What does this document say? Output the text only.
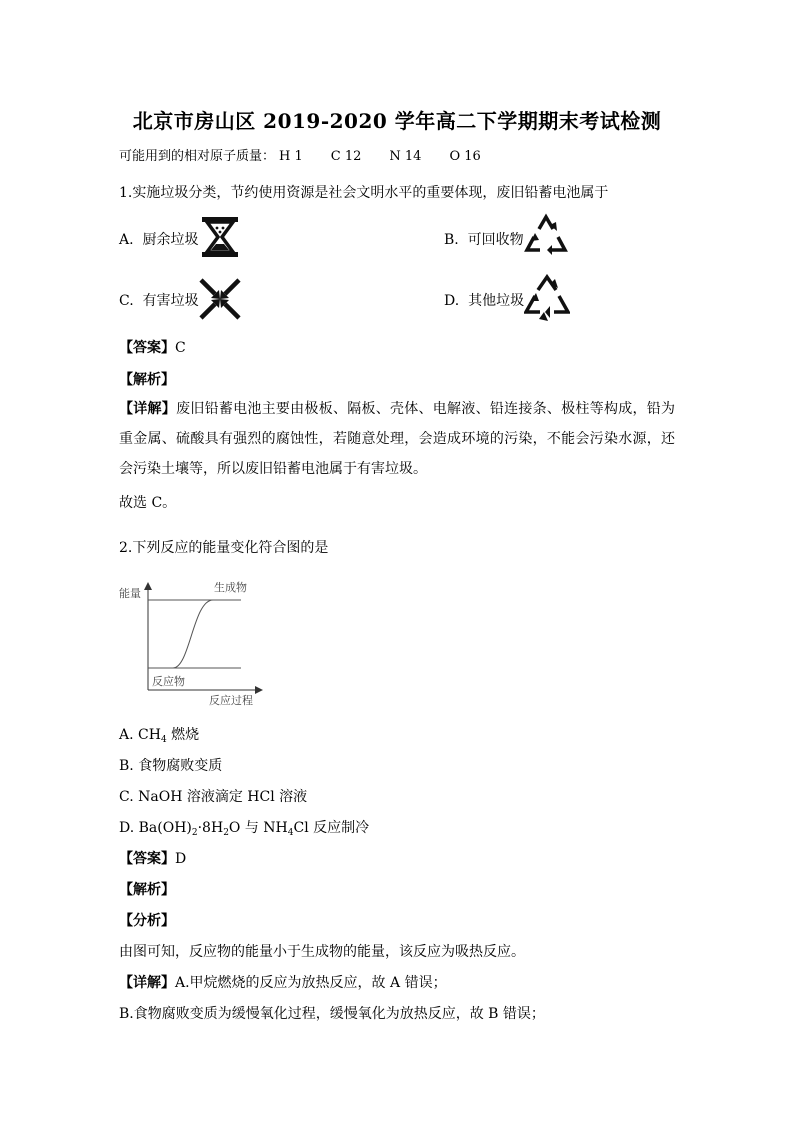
北京市房山区 2019-2020 学年高二下学期期末考试检测
可能用到的相对原子质量： H 1 C 12 N 14 O 16
1.实施垃圾分类，节约使用资源是社会文明水平的重要体现，废旧铅蓄电池属于
A. 厨余垃圾	B. 可回收物
C. 有害垃圾	D. 其他垃圾
【答案】C
【解析】
【详解】废旧铅蓄电池主要由极板、隔板、壳体、电解液、铅连接条、极柱等构成，铅为重金属、硫酸具有强烈的腐蚀性，若随意处理，会造成环境的污染，不能会污染水源，还会污染土壤等，所以废旧铅蓄电池属于有害垃圾。
故选 C。
2.下列反应的能量变化符合图的是
能量	生成物
反应物
反应过程
A. $CH_4$ 燃烧
B. 食物腐败变质
C. NaOH 溶液滴定 HCl 溶液
D. $Ba(OH)_2\cdot 8H_2O$ 与 $NH_4Cl$ 反应制冷
【答案】D
【解析】
【分析】
由图可知，反应物的能量小于生成物的能量，该反应为吸热反应。
【详解】A.甲烷燃烧的反应为放热反应，故 A 错误；
B.食物腐败变质为缓慢氧化过程，缓慢氧化为放热反应，故 B 错误；
